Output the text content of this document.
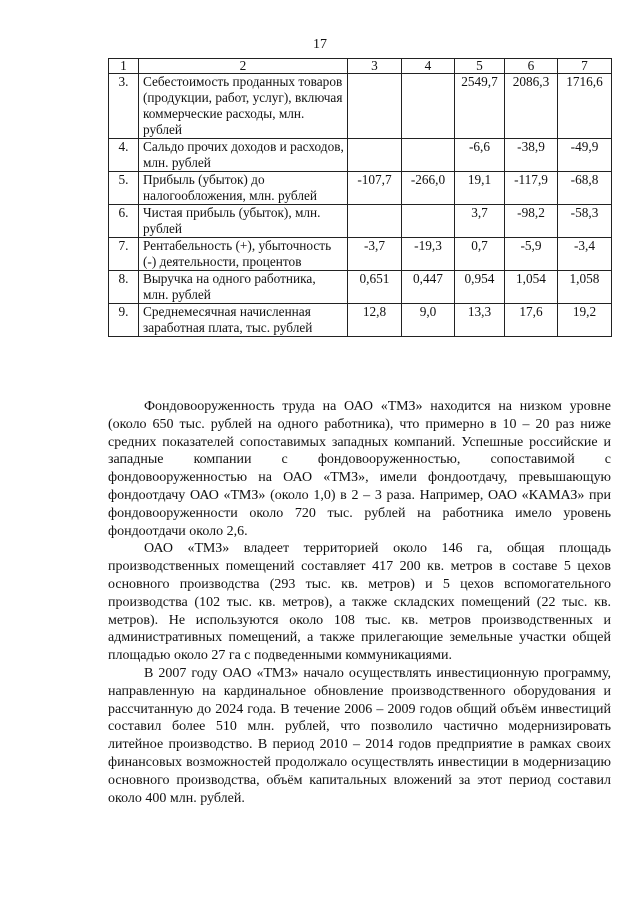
17
1	2	3	4	5	6	7
3.	Себестоимость проданных товаров (продукции, работ, услуг), включая коммерческие расходы, млн. рублей			2549,7	2086,3	1716,6
4.	Сальдо прочих доходов и расходов, млн. рублей			-6,6	-38,9	-49,9
5.	Прибыль (убыток) до налогообложения, млн. рублей	-107,7	-266,0	19,1	-117,9	-68,8
6.	Чистая прибыль (убыток), млн. рублей			3,7	-98,2	-58,3
7.	Рентабельность (+), убыточность (-) деятельности, процентов	-3,7	-19,3	0,7	-5,9	-3,4
8.	Выручка на одного работника, млн. рублей	0,651	0,447	0,954	1,054	1,058
9.	Среднемесячная начисленная заработная плата, тыс. рублей	12,8	9,0	13,3	17,6	19,2

Фондовооруженность труда на ОАО «ТМЗ» находится на низком уровне (около 650 тыс. рублей на одного работника), что примерно в 10 – 20 раз ниже средних показателей сопоставимых западных компаний. Успешные российские и западные компании с фондовооруженностью, сопоставимой с фондовооруженностью на ОАО «ТМЗ», имели фондоотдачу, превышающую фондоотдачу ОАО «ТМЗ» (около 1,0) в 2 – 3 раза. Например, ОАО «КАМАЗ» при фондовооруженности около 720 тыс. рублей на работника имело уровень фондоотдачи около 2,6.

ОАО «ТМЗ» владеет территорией около 146 га, общая площадь производственных помещений составляет 417 200 кв. метров в составе 5 цехов основного производства (293 тыс. кв. метров) и 5 цехов вспомогательного производства (102 тыс. кв. метров), а также складских помещений (22 тыс. кв. метров). Не используются около 108 тыс. кв. метров производственных и административных помещений, а также прилегающие земельные участки общей площадью около 27 га с подведенными коммуникациями.

В 2007 году ОАО «ТМЗ» начало осуществлять инвестиционную программу, направленную на кардинальное обновление производственного оборудования и рассчитанную до 2024 года. В течение 2006 – 2009 годов общий объём инвестиций составил более 510 млн. рублей, что позволило частично модернизировать литейное производство. В период 2010 – 2014 годов предприятие в рамках своих финансовых возможностей продолжало осуществлять инвестиции в модернизацию основного производства, объём капитальных вложений за этот период составил около 400 млн. рублей.
